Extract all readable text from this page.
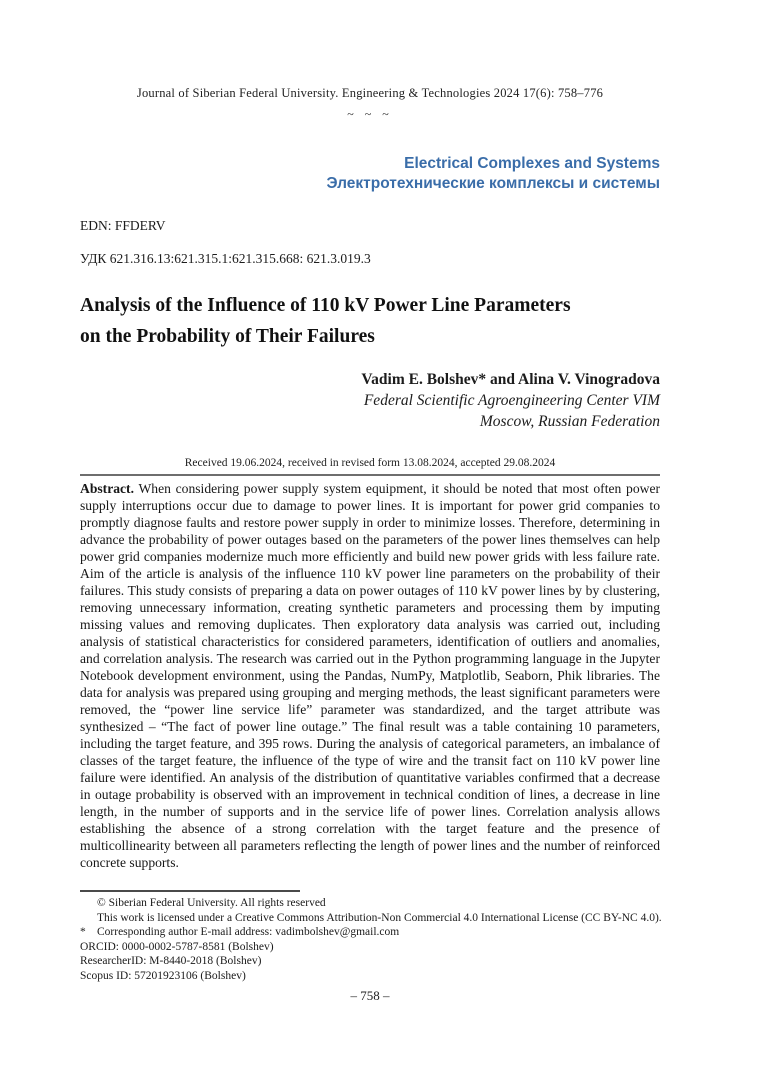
Journal of Siberian Federal University. Engineering & Technologies 2024 17(6): 758–776
~ ~ ~
Electrical Complexes and Systems
Электротехнические комплексы и системы
EDN: FFDERV
УДК 621.316.13:621.315.1:621.315.668: 621.3.019.3
Analysis of the Influence of 110 kV Power Line Parameters
on the Probability of Their Failures
Vadim E. Bolshev* and Alina V. Vinogradova
Federal Scientific Agroengineering Center VIM
Moscow, Russian Federation
Received 19.06.2024, received in revised form 13.08.2024, accepted 29.08.2024

Abstract. When considering power supply system equipment, it should be noted that most often power supply interruptions occur due to damage to power lines. It is important for power grid companies to promptly diagnose faults and restore power supply in order to minimize losses. Therefore, determining in advance the probability of power outages based on the parameters of the power lines themselves can help power grid companies modernize much more efficiently and build new power grids with less failure rate. Aim of the article is analysis of the influence 110 kV power line parameters on the probability of their failures. This study consists of preparing a data on power outages of 110 kV power lines by by clustering, removing unnecessary information, creating synthetic parameters and processing them by imputing missing values and removing duplicates. Then exploratory data analysis was carried out, including analysis of statistical characteristics for considered parameters, identification of outliers and anomalies, and correlation analysis. The research was carried out in the Python programming language in the Jupyter Notebook development environment, using the Pandas, NumPy, Matplotlib, Seaborn, Phik libraries. The data for analysis was prepared using grouping and merging methods, the least significant parameters were removed, the “power line service life” parameter was standardized, and the target attribute was synthesized – “The fact of power line outage.” The final result was a table containing 10 parameters, including the target feature, and 395 rows. During the analysis of categorical parameters, an imbalance of classes of the target feature, the influence of the type of wire and the transit fact on 110 kV power line failure were identified. An analysis of the distribution of quantitative variables confirmed that a decrease in outage probability is observed with an improvement in technical condition of lines, a decrease in line length, in the number of supports and in the service life of power lines. Correlation analysis allows establishing the absence of a strong correlation with the target feature and the presence of multicollinearity between all parameters reflecting the length of power lines and the number of reinforced concrete supports.

© Siberian Federal University. All rights reserved
This work is licensed under a Creative Commons Attribution-Non Commercial 4.0 International License (CC BY-NC 4.0).
* Corresponding author E-mail address: vadimbolshev@gmail.com
ORCID: 0000-0002-5787-8581 (Bolshev)
ResearcherID: M-8440-2018 (Bolshev)
Scopus ID: 57201923106 (Bolshev)
– 758 –
